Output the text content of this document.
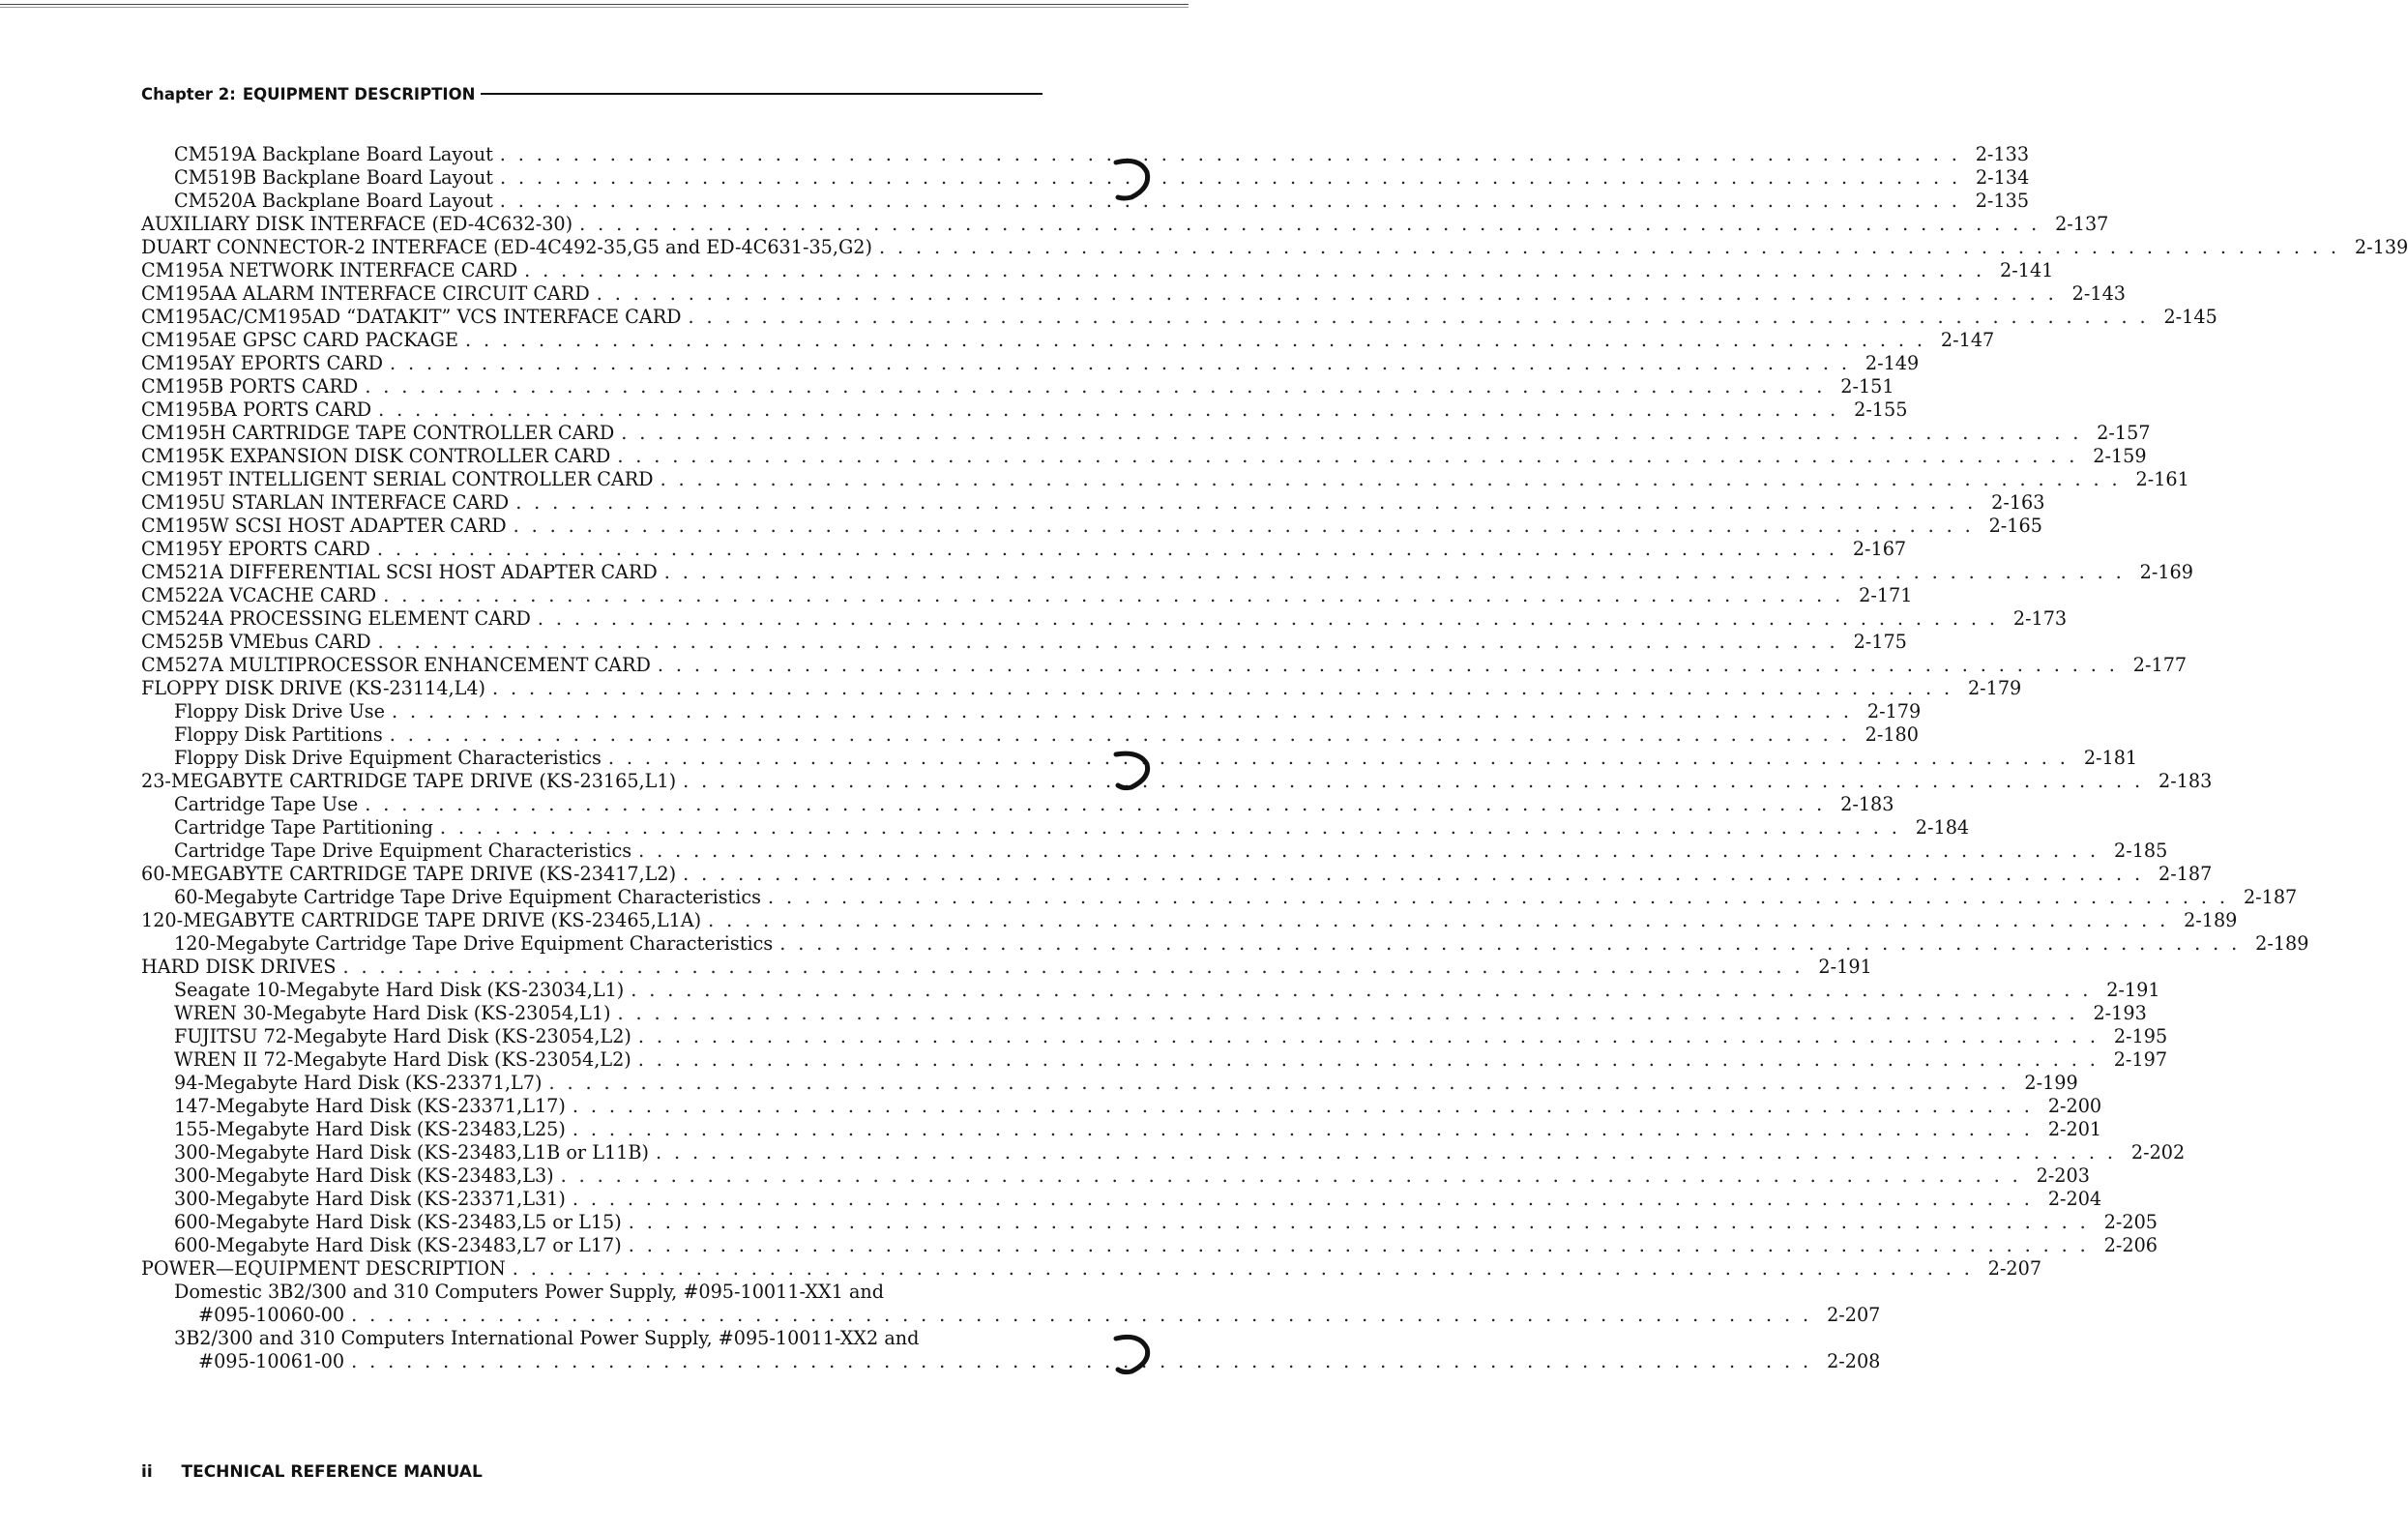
Chapter 2: EQUIPMENT DESCRIPTION
CM519A Backplane Board Layout ................................................................................ 2-133
CM519B Backplane Board Layout ................................................................................ 2-134
CM520A Backplane Board Layout ................................................................................ 2-135
AUXILIARY DISK INTERFACE (ED-4C632-30) ................................................................................ 2-137
DUART CONNECTOR-2 INTERFACE (ED-4C492-35,G5 and ED-4C631-35,G2) ................................................................................ 2-139
CM195A NETWORK INTERFACE CARD ................................................................................ 2-141
CM195AA ALARM INTERFACE CIRCUIT CARD ................................................................................ 2-143
CM195AC/CM195AD “DATAKIT” VCS INTERFACE CARD ................................................................................ 2-145
CM195AE GPSC CARD PACKAGE ................................................................................ 2-147
CM195AY EPORTS CARD ................................................................................ 2-149
CM195B PORTS CARD ................................................................................ 2-151
CM195BA PORTS CARD ................................................................................ 2-155
CM195H CARTRIDGE TAPE CONTROLLER CARD ................................................................................ 2-157
CM195K EXPANSION DISK CONTROLLER CARD ................................................................................ 2-159
CM195T INTELLIGENT SERIAL CONTROLLER CARD ................................................................................ 2-161
CM195U STARLAN INTERFACE CARD ................................................................................ 2-163
CM195W SCSI HOST ADAPTER CARD ................................................................................ 2-165
CM195Y EPORTS CARD ................................................................................ 2-167
CM521A DIFFERENTIAL SCSI HOST ADAPTER CARD ................................................................................ 2-169
CM522A VCACHE CARD ................................................................................ 2-171
CM524A PROCESSING ELEMENT CARD ................................................................................ 2-173
CM525B VMEbus CARD ................................................................................ 2-175
CM527A MULTIPROCESSOR ENHANCEMENT CARD ................................................................................ 2-177
FLOPPY DISK DRIVE (KS-23114,L4) ................................................................................ 2-179
Floppy Disk Drive Use ................................................................................ 2-179
Floppy Disk Partitions ................................................................................ 2-180
Floppy Disk Drive Equipment Characteristics ................................................................................ 2-181
23-MEGABYTE CARTRIDGE TAPE DRIVE (KS-23165,L1) ................................................................................ 2-183
Cartridge Tape Use ................................................................................ 2-183
Cartridge Tape Partitioning ................................................................................ 2-184
Cartridge Tape Drive Equipment Characteristics ................................................................................ 2-185
60-MEGABYTE CARTRIDGE TAPE DRIVE (KS-23417,L2) ................................................................................ 2-187
60-Megabyte Cartridge Tape Drive Equipment Characteristics ................................................................................ 2-187
120-MEGABYTE CARTRIDGE TAPE DRIVE (KS-23465,L1A) ................................................................................ 2-189
120-Megabyte Cartridge Tape Drive Equipment Characteristics ................................................................................ 2-189
HARD DISK DRIVES ................................................................................ 2-191
Seagate 10-Megabyte Hard Disk (KS-23034,L1) ................................................................................ 2-191
WREN 30-Megabyte Hard Disk (KS-23054,L1) ................................................................................ 2-193
FUJITSU 72-Megabyte Hard Disk (KS-23054,L2) ................................................................................ 2-195
WREN II 72-Megabyte Hard Disk (KS-23054,L2) ................................................................................ 2-197
94-Megabyte Hard Disk (KS-23371,L7) ................................................................................ 2-199
147-Megabyte Hard Disk (KS-23371,L17) ................................................................................ 2-200
155-Megabyte Hard Disk (KS-23483,L25) ................................................................................ 2-201
300-Megabyte Hard Disk (KS-23483,L1B or L11B) ................................................................................ 2-202
300-Megabyte Hard Disk (KS-23483,L3) ................................................................................ 2-203
300-Megabyte Hard Disk (KS-23371,L31) ................................................................................ 2-204
600-Megabyte Hard Disk (KS-23483,L5 or L15) ................................................................................ 2-205
600-Megabyte Hard Disk (KS-23483,L7 or L17) ................................................................................ 2-206
POWER—EQUIPMENT DESCRIPTION ................................................................................ 2-207
Domestic 3B2/300 and 310 Computers Power Supply, #095-10011-XX1 and
#095-10060-00 ................................................................................ 2-207
3B2/300 and 310 Computers International Power Supply, #095-10011-XX2 and
#095-10061-00 ................................................................................ 2-208
ii TECHNICAL REFERENCE MANUAL
